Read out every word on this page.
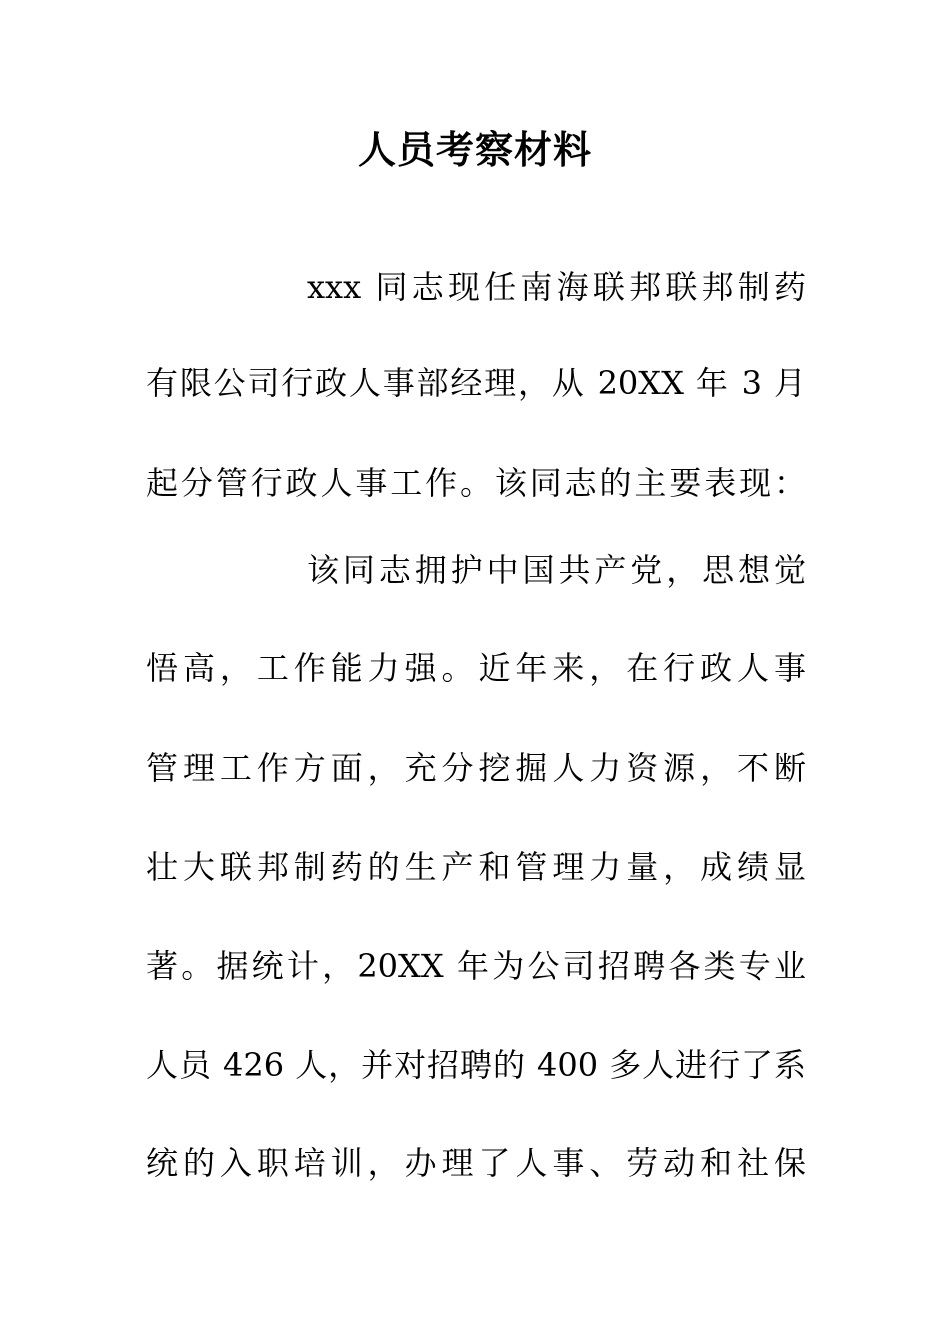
人员考察材料
xxx 同志现任南海联邦联邦制药
有限公司行政人事部经理，从 20XX 年 3 月
起分管行政人事工作。该同志的主要表现：
该同志拥护中国共产党，思想觉
悟高，工作能力强。近年来，在行政人事
管理工作方面，充分挖掘人力资源，不断
壮大联邦制药的生产和管理力量，成绩显
著。据统计，20XX 年为公司招聘各类专业
人员 426 人，并对招聘的 400 多人进行了系
统的入职培训，办理了人事、劳动和社保
